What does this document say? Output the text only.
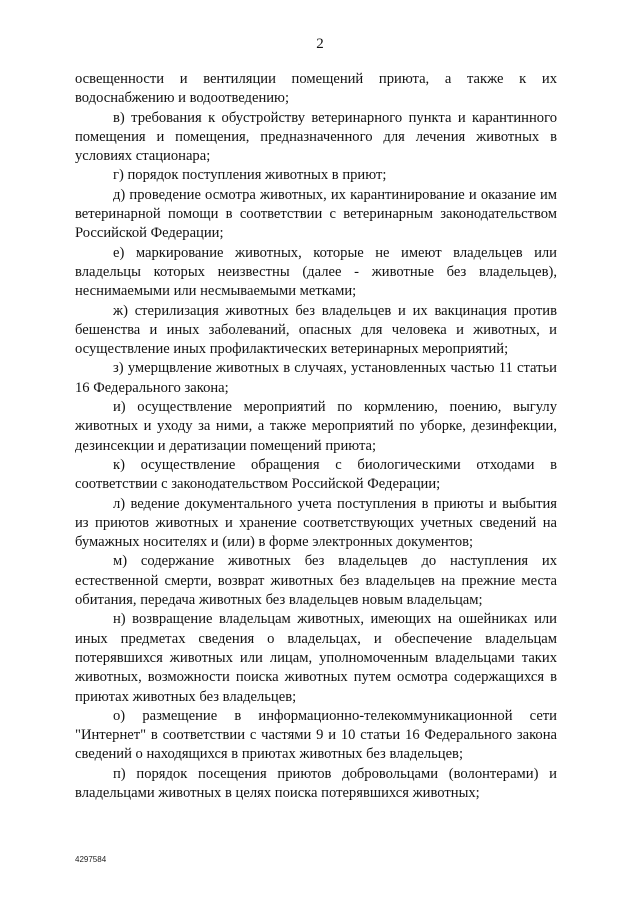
2

освещенности и вентиляции помещений приюта, а также к их водоснабжению и водоотведению;

в) требования к обустройству ветеринарного пункта и карантинного помещения и помещения, предназначенного для лечения животных в условиях стационара;

г) порядок поступления животных в приют;

д) проведение осмотра животных, их карантинирование и оказание им ветеринарной помощи в соответствии с ветеринарным законодательством Российской Федерации;

е) маркирование животных, которые не имеют владельцев или владельцы которых неизвестны (далее - животные без владельцев), неснимаемыми или несмываемыми метками;

ж) стерилизация животных без владельцев и их вакцинация против бешенства и иных заболеваний, опасных для человека и животных, и осуществление иных профилактических ветеринарных мероприятий;

з) умерщвление животных в случаях, установленных частью 11 статьи 16 Федерального закона;

и) осуществление мероприятий по кормлению, поению, выгулу животных и уходу за ними, а также мероприятий по уборке, дезинфекции, дезинсекции и дератизации помещений приюта;

к) осуществление обращения с биологическими отходами в соответствии с законодательством Российской Федерации;

л) ведение документального учета поступления в приюты и выбытия из приютов животных и хранение соответствующих учетных сведений на бумажных носителях и (или) в форме электронных документов;

м) содержание животных без владельцев до наступления их естественной смерти, возврат животных без владельцев на прежние места обитания, передача животных без владельцев новым владельцам;

н) возвращение владельцам животных, имеющих на ошейниках или иных предметах сведения о владельцах, и обеспечение владельцам потерявшихся животных или лицам, уполномоченным владельцами таких животных, возможности поиска животных путем осмотра содержащихся в приютах животных без владельцев;

о) размещение в информационно-телекоммуникационной сети "Интернет" в соответствии с частями 9 и 10 статьи 16 Федерального закона сведений о находящихся в приютах животных без владельцев;

п) порядок посещения приютов добровольцами (волонтерами) и владельцами животных в целях поиска потерявшихся животных;

4297584
